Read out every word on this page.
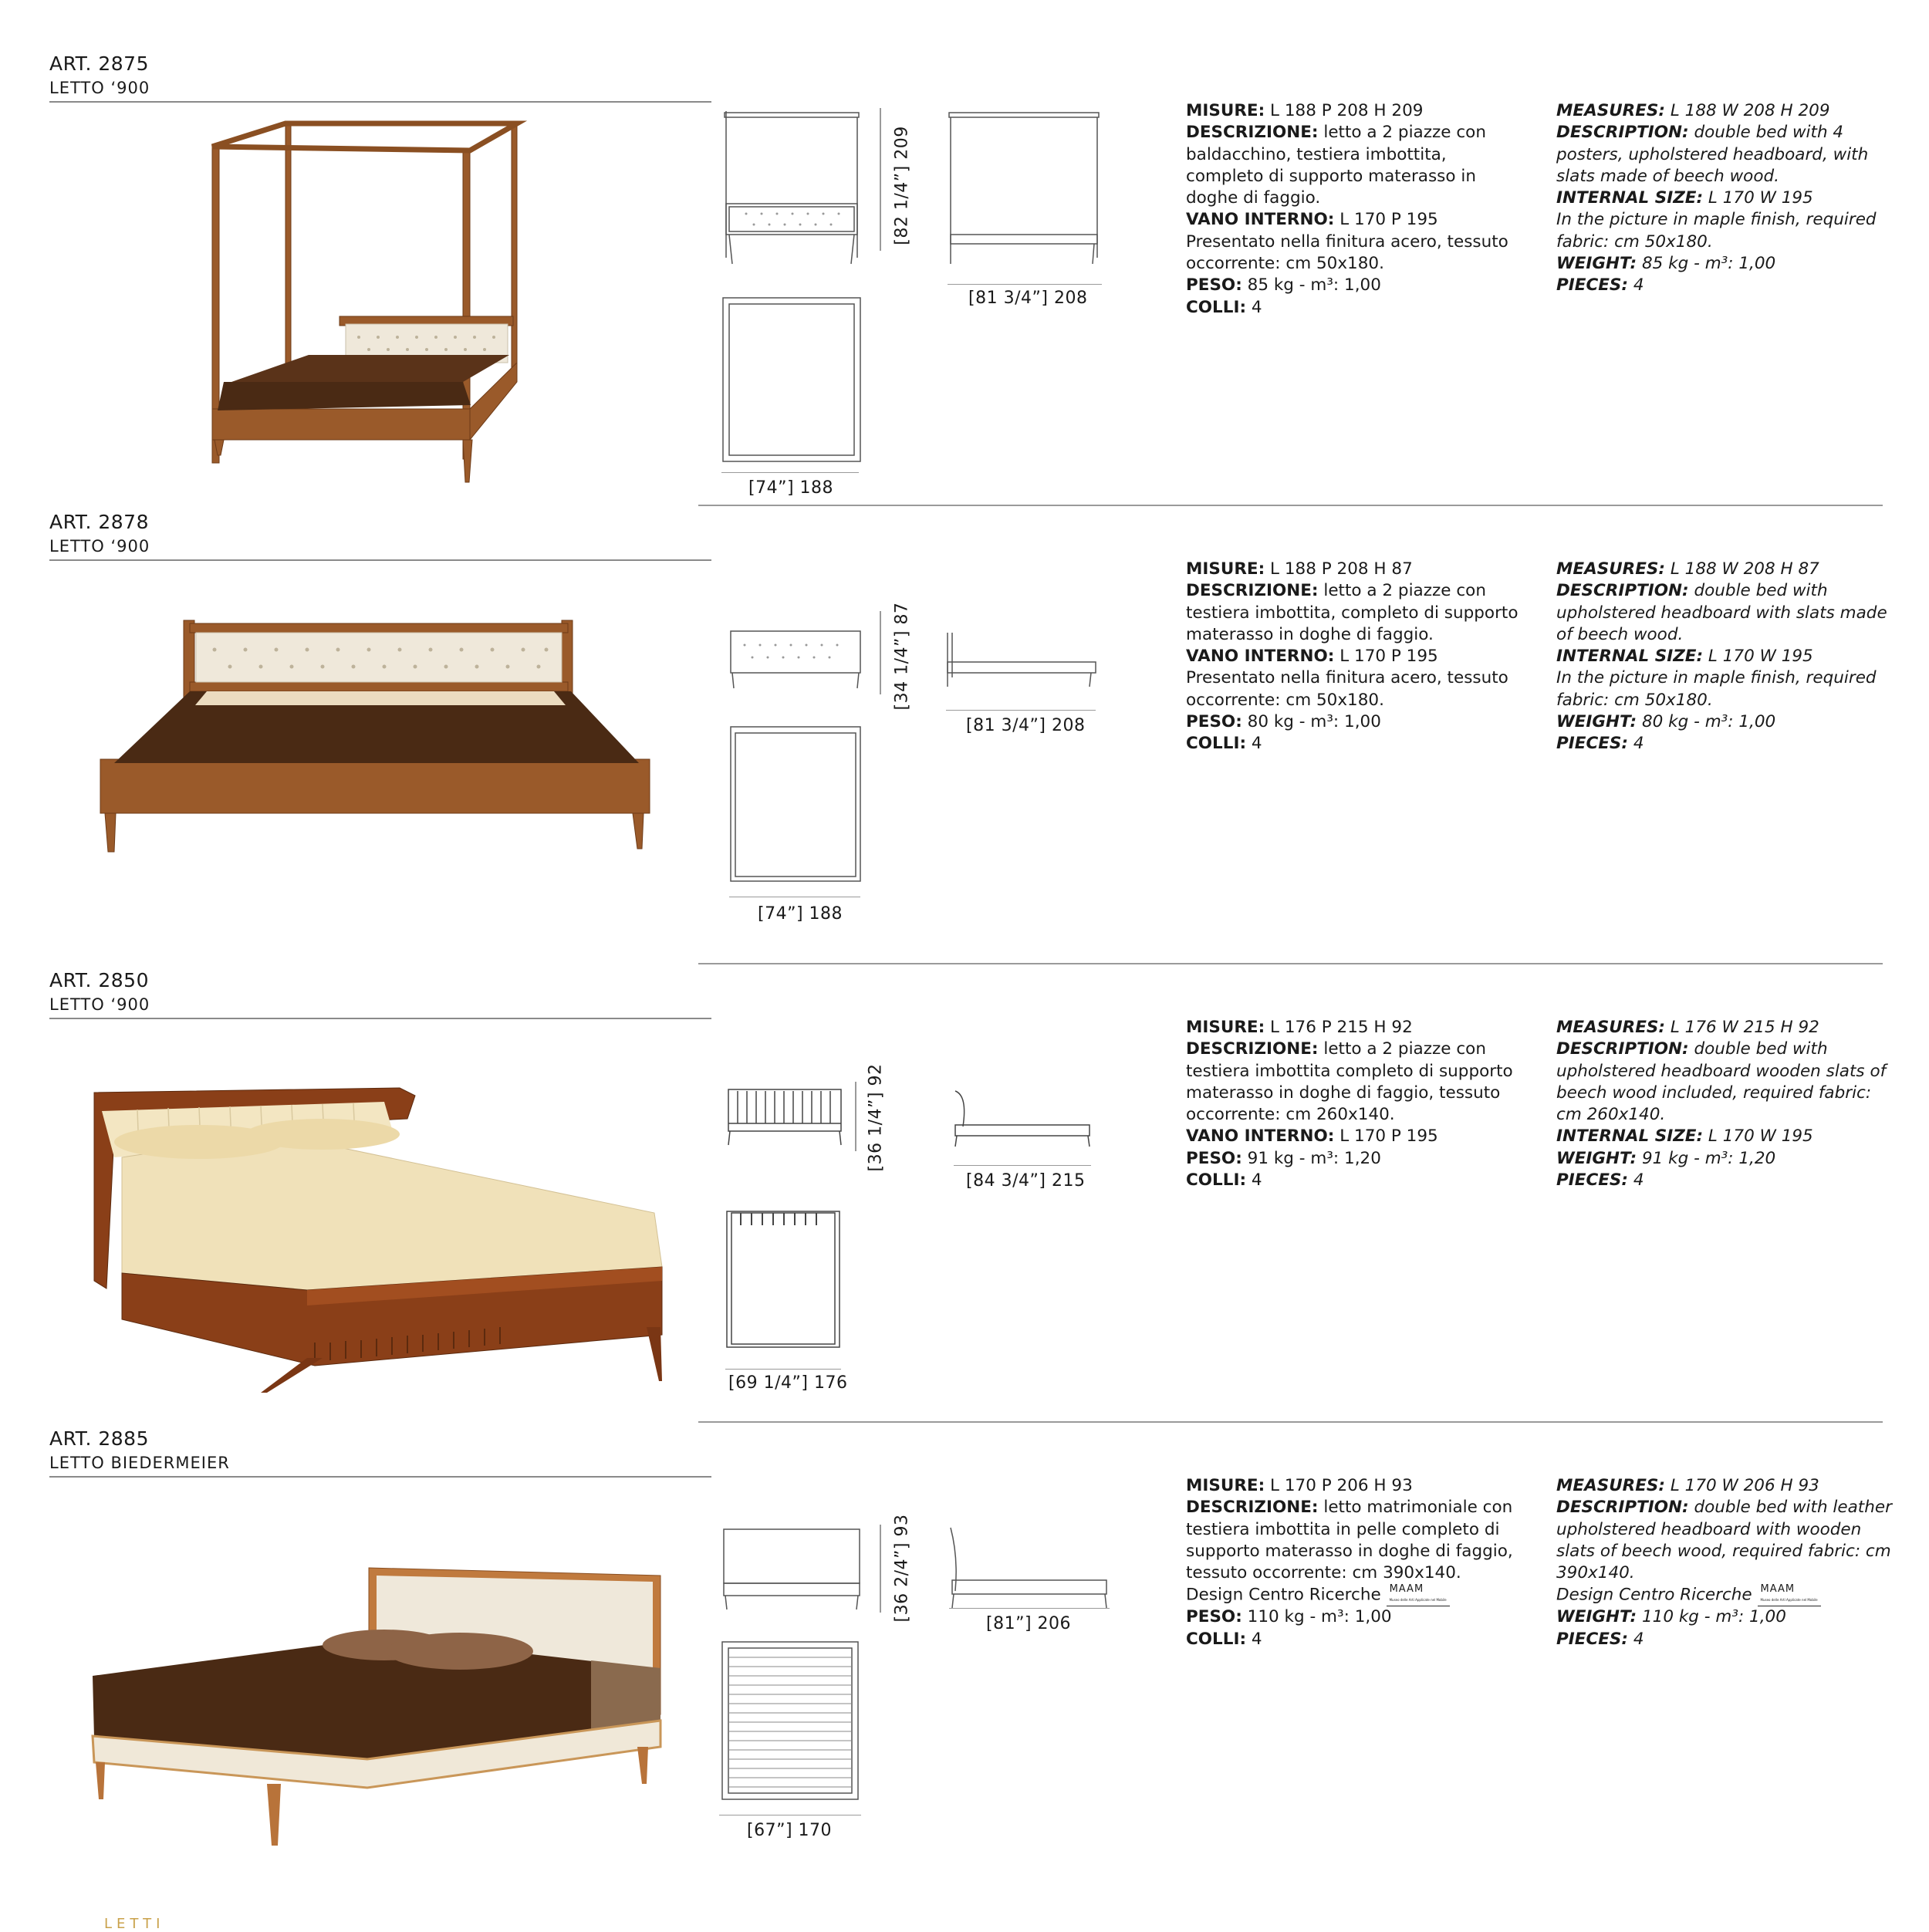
ART. 2875
LETTO ‘900
[82 1/4”] 209
[81 3/4”] 208
[74”] 188

MISURE: L 188 P 208 H 209

DESCRIZIONE: letto a 2 piazze con baldacchino, testiera imbottita, completo di supporto materasso in doghe di faggio.

VANO INTERNO: L 170 P 195

Presentato nella finitura acero, tessuto occorrente: cm 50x180.

PESO: 85 kg - m³: 1,00

COLLI: 4

MEASURES: L 188 W 208 H 209

DESCRIPTION: double bed with 4 posters, upholstered headboard, with slats made of beech wood.

INTERNAL SIZE: L 170 W 195

In the picture in maple finish, required fabric: cm 50x180.

WEIGHT: 85 kg - m³: 1,00

PIECES: 4

ART. 2878
LETTO ‘900
[34 1/4”] 87
[81 3/4”] 208
[74”] 188

MISURE: L 188 P 208 H 87

DESCRIZIONE: letto a 2 piazze con testiera imbottita, completo di supporto materasso in doghe di faggio.

VANO INTERNO: L 170 P 195

Presentato nella finitura acero, tessuto occorrente: cm 50x180.

PESO: 80 kg - m³: 1,00

COLLI: 4

MEASURES: L 188 W 208 H 87

DESCRIPTION: double bed with upholstered headboard with slats made of beech wood.

INTERNAL SIZE: L 170 W 195

In the picture in maple finish, required fabric: cm 50x180.

WEIGHT: 80 kg - m³: 1,00

PIECES: 4

ART. 2850
LETTO ‘900
[36 1/4”] 92
[84 3/4”] 215
[69 1/4”] 176

MISURE: L 176 P 215 H 92

DESCRIZIONE: letto a 2 piazze con testiera imbottita completo di supporto materasso in doghe di faggio, tessuto occorrente: cm 260x140.

VANO INTERNO: L 170 P 195

PESO: 91 kg - m³: 1,20

COLLI: 4

MEASURES: L 176 W 215 H 92

DESCRIPTION: double bed with upholstered headboard wooden slats of beech wood included, required fabric: cm 260x140.

INTERNAL SIZE: L 170 W 195

WEIGHT: 91 kg - m³: 1,20

PIECES: 4

ART. 2885
LETTO BIEDERMEIER
[36 2/4”] 93
[81”] 206
[67”] 170

MISURE: L 170 P 206 H 93

DESCRIZIONE: letto matrimoniale con testiera imbottita in pelle completo di supporto materasso in doghe di faggio, tessuto occorrente: cm 390x140.

Design Centro Ricerche MAAM
Museo delle Arti Applicate nel Mobile

PESO: 110 kg - m³: 1,00

COLLI: 4

MEASURES: L 170 W 206 H 93

DESCRIPTION: double bed with leather upholstered headboard with wooden slats of beech wood, required fabric: cm 390x140.

Design Centro Ricerche MAAM
Museo delle Arti Applicate nel Mobile

WEIGHT: 110 kg - m³: 1,00

PIECES: 4

LETTI
